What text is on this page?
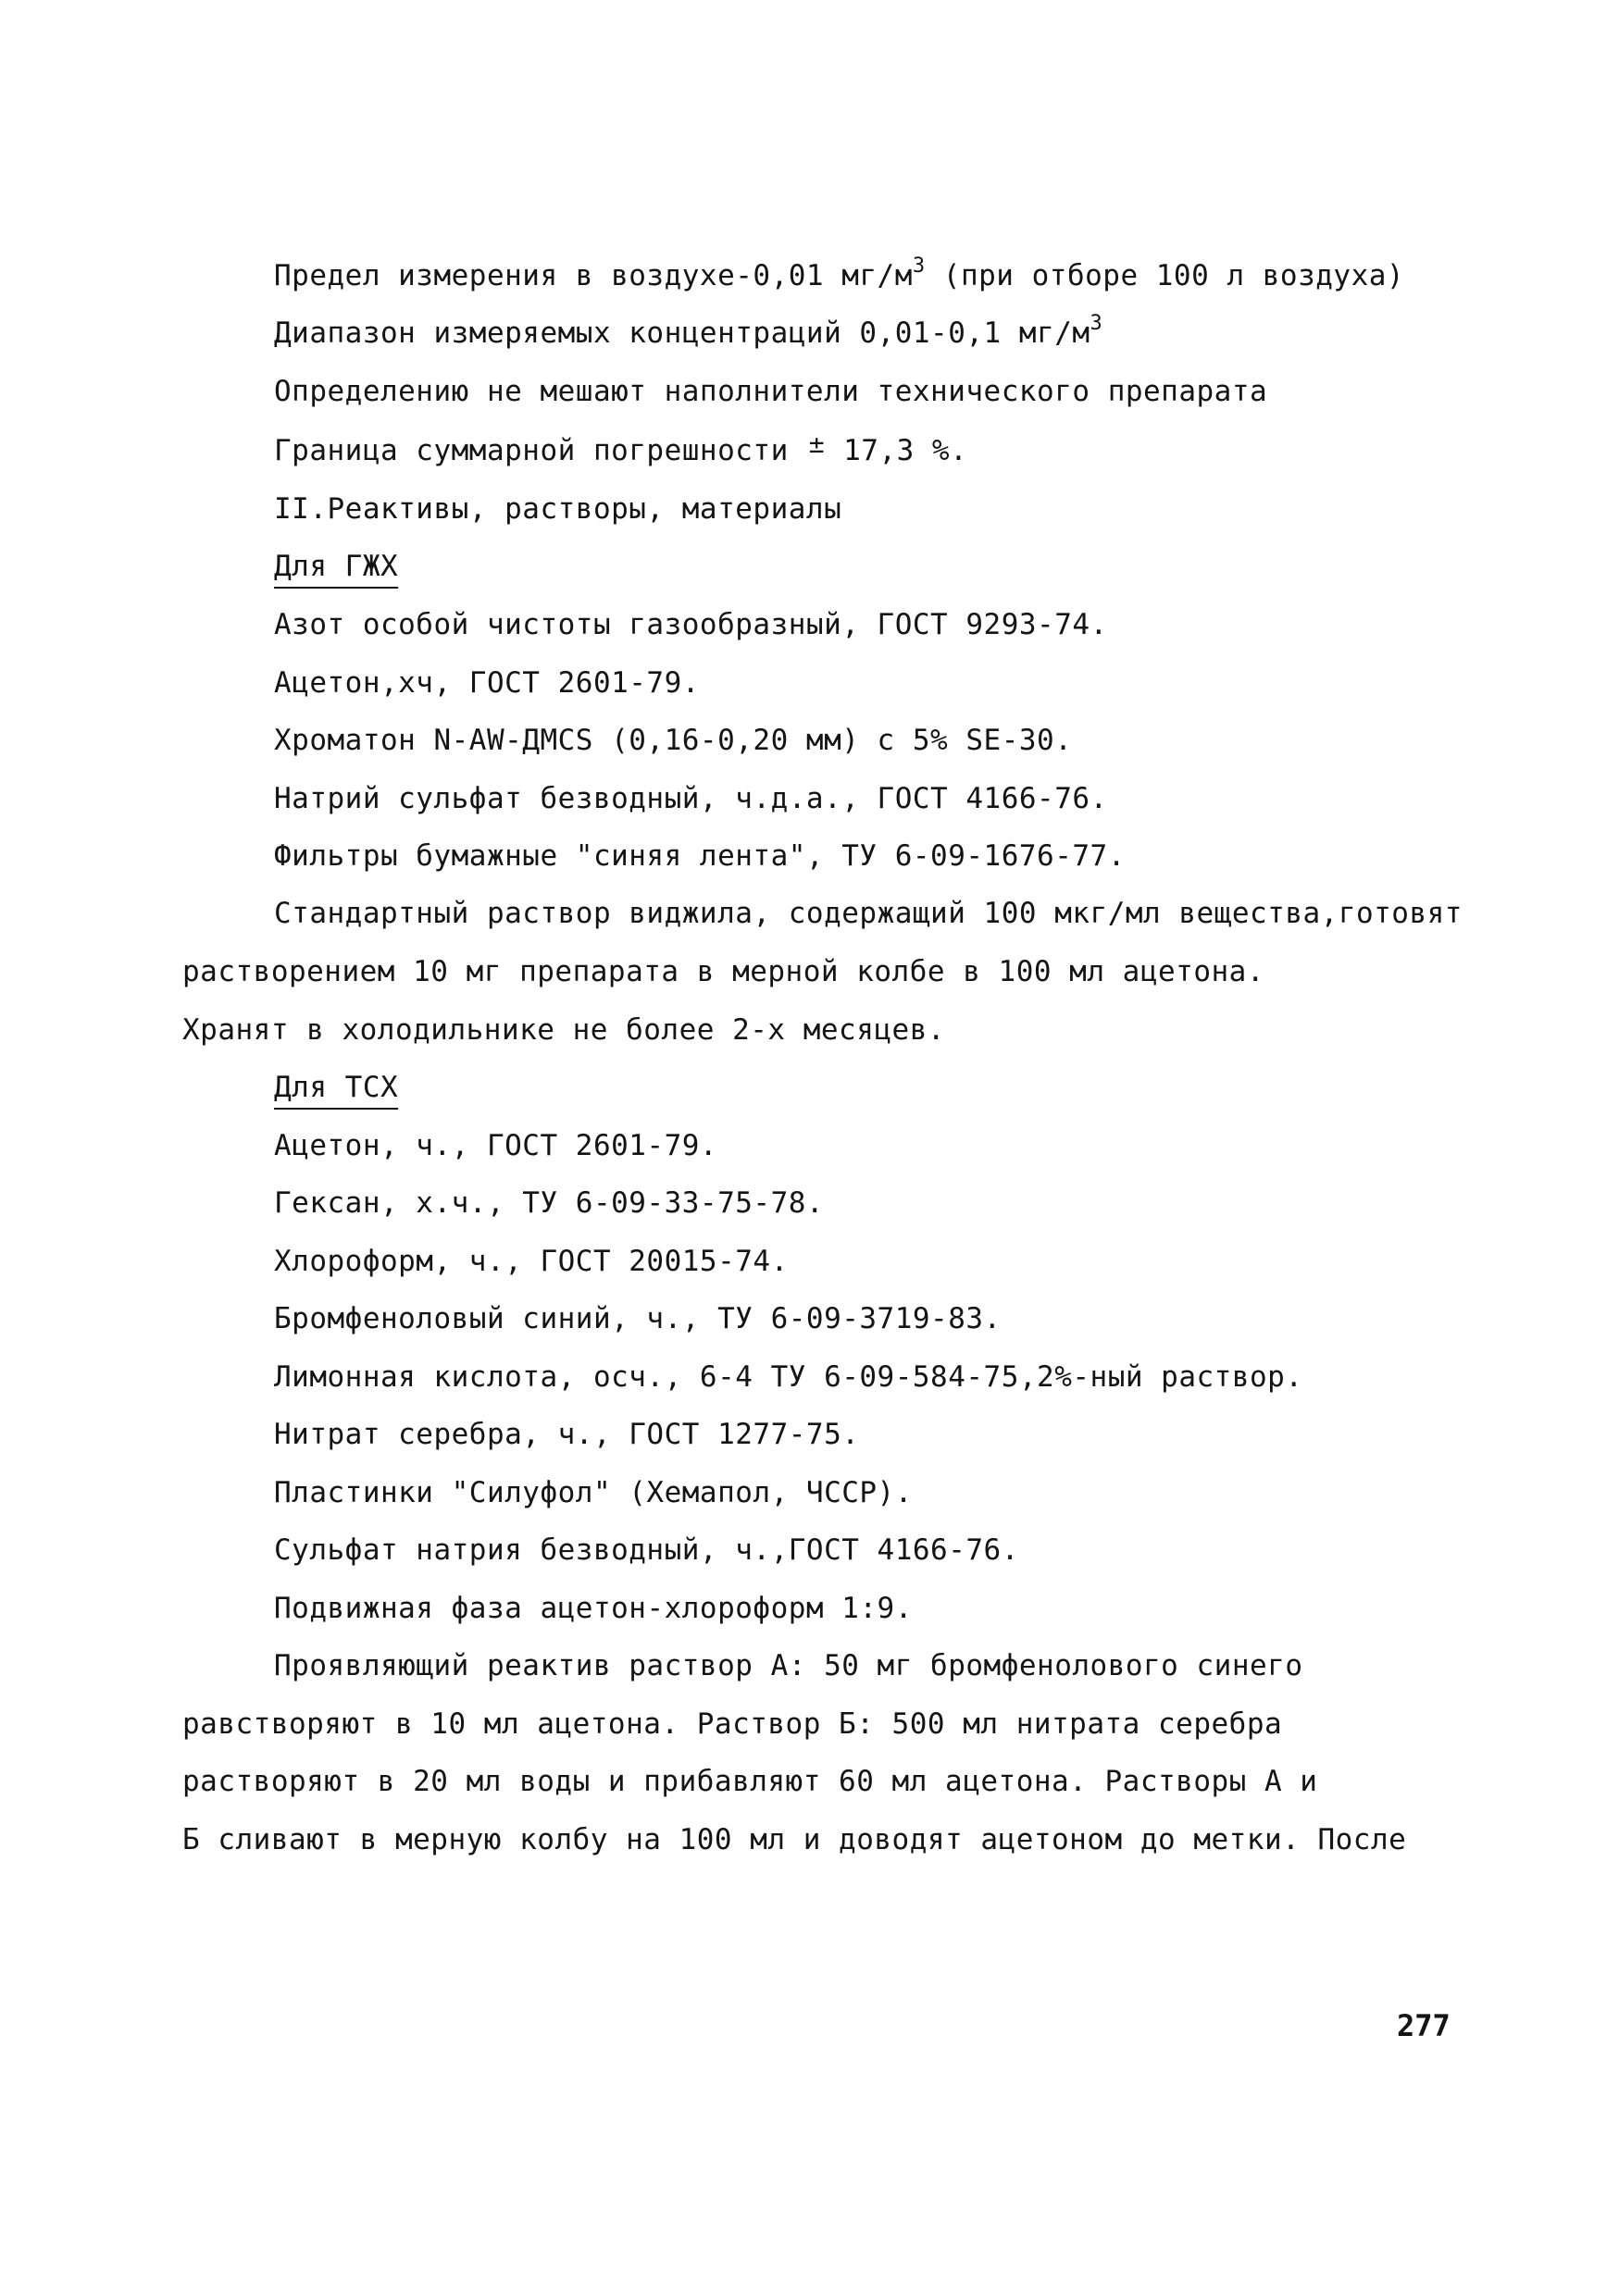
Предел измерения в воздухе-0,01 $мг/м^3$ (при отборе 100 л воздуха)
Диапазон измеряемых концентраций 0,01-0,1 $мг/м^3$
Определению не мешают наполнители технического препарата
Граница суммарной погрешности ± 17,3 %.
II.Реактивы, растворы, материалы
Для ГЖХ
Азот особой чистоты газообразный, ГОСТ 9293-74.
Ацетон,хч, ГОСТ 2601-79.
Хроматон N-AW-ДМCS (0,16-0,20 мм) с 5% SE-30.
Натрий сульфат безводный, ч.д.а., ГОСТ 4166-76.
Фильтры бумажные "синяя лента", ТУ 6-09-1676-77.
Стандартный раствор виджила, содержащий 100 мкг/мл вещества,готовят
растворением 10 мг препарата в мерной колбе в 100 мл ацетона.
Хранят в холодильнике не более 2-х месяцев.
Для ТСХ
Ацетон, ч., ГОСТ 2601-79.
Гексан, х.ч., ТУ 6-09-33-75-78.
Хлороформ, ч., ГОСТ 20015-74.
Бромфеноловый синий, ч., ТУ 6-09-3719-83.
Лимонная кислота, осч., 6-4 ТУ 6-09-584-75,2%-ный раствор.
Нитрат серебра, ч., ГОСТ 1277-75.
Пластинки "Силуфол" (Хемапол, ЧССР).
Сульфат натрия безводный, ч.,ГОСТ 4166-76.
Подвижная фаза ацетон-хлороформ 1:9.
Проявляющий реактив раствор А: 50 мг бромфенолового синего
равстворяют в 10 мл ацетона. Раствор Б: 500 мл нитрата серебра
растворяют в 20 мл воды и прибавляют 60 мл ацетона. Растворы А и
Б сливают в мерную колбу на 100 мл и доводят ацетоном до метки. После
277
